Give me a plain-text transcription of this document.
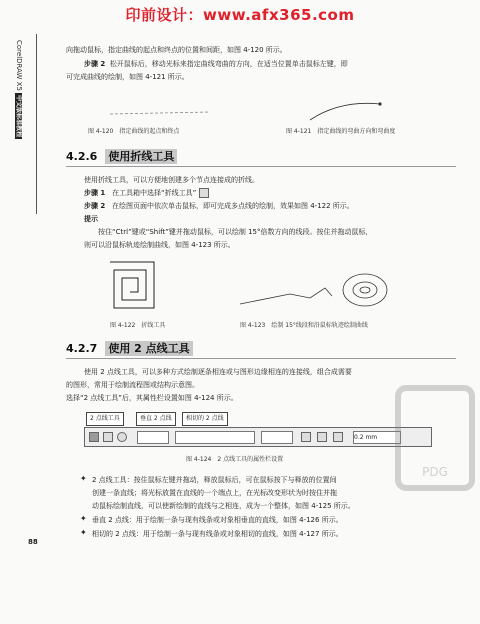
印前设计：www.afx365.com
CorelDRAW X5 中文版标准教程
向拖动鼠标，指定曲线的起点和终点的位置和间距，如图 4-120 所示。
步骤 2 松开鼠标后，移动光标来指定曲线弯曲的方向，在适当位置单击鼠标左键，即
可完成曲线的绘制，如图 4-121 所示。
图 4-120　指定曲线的起点和终点	图 4-121　指定曲线的弯曲方向和弯曲度
4.2.6 使用折线工具
使用折线工具，可以方便地创建多个节点连接成的折线。
步骤 1 在工具箱中选择“折线工具”
步骤 2 在绘图页面中依次单击鼠标，即可完成多点线的绘制，效果如图 4-122 所示。
提示
按住“Ctrl”键或“Shift”键并拖动鼠标，可以绘制 15°倍数方向的线段。按住并拖动鼠标，
则可以沿鼠标轨迹绘制曲线，如图 4-123 所示。
图 4-122　折线工具	图 4-123　绘制 15°线段和沿鼠标轨迹绘制曲线
4.2.7 使用 2 点线工具
使用 2 点线工具，可以多种方式绘制逐条相连或与图形边缘相连的连接线，组合成需要
的图形，常用于绘制流程图或结构示意图。
选择“2 点线工具”后，其属性栏设置如图 4-124 所示。
2 点线工具	垂直 2 点线	相切的 2 点线
0.2 mm
图 4-124　2 点线工具的属性栏设置
✦ 2 点线工具：按住鼠标左键并拖动，释放鼠标后，可在鼠标按下与释放的位置间
创建一条直线；将光标放置在直线的一个端点上，在光标改变形状为时按住并拖
动鼠标绘制直线，可以使新绘制的直线与之相连，成为一个整体，如图 4-125 所示。
✦ 垂直 2 点线：用于绘制一条与现有线条或对象相垂直的直线，如图 4-126 所示。
✦ 相切的 2 点线：用于绘制一条与现有线条或对象相切的直线，如图 4-127 所示。
PDG
88
